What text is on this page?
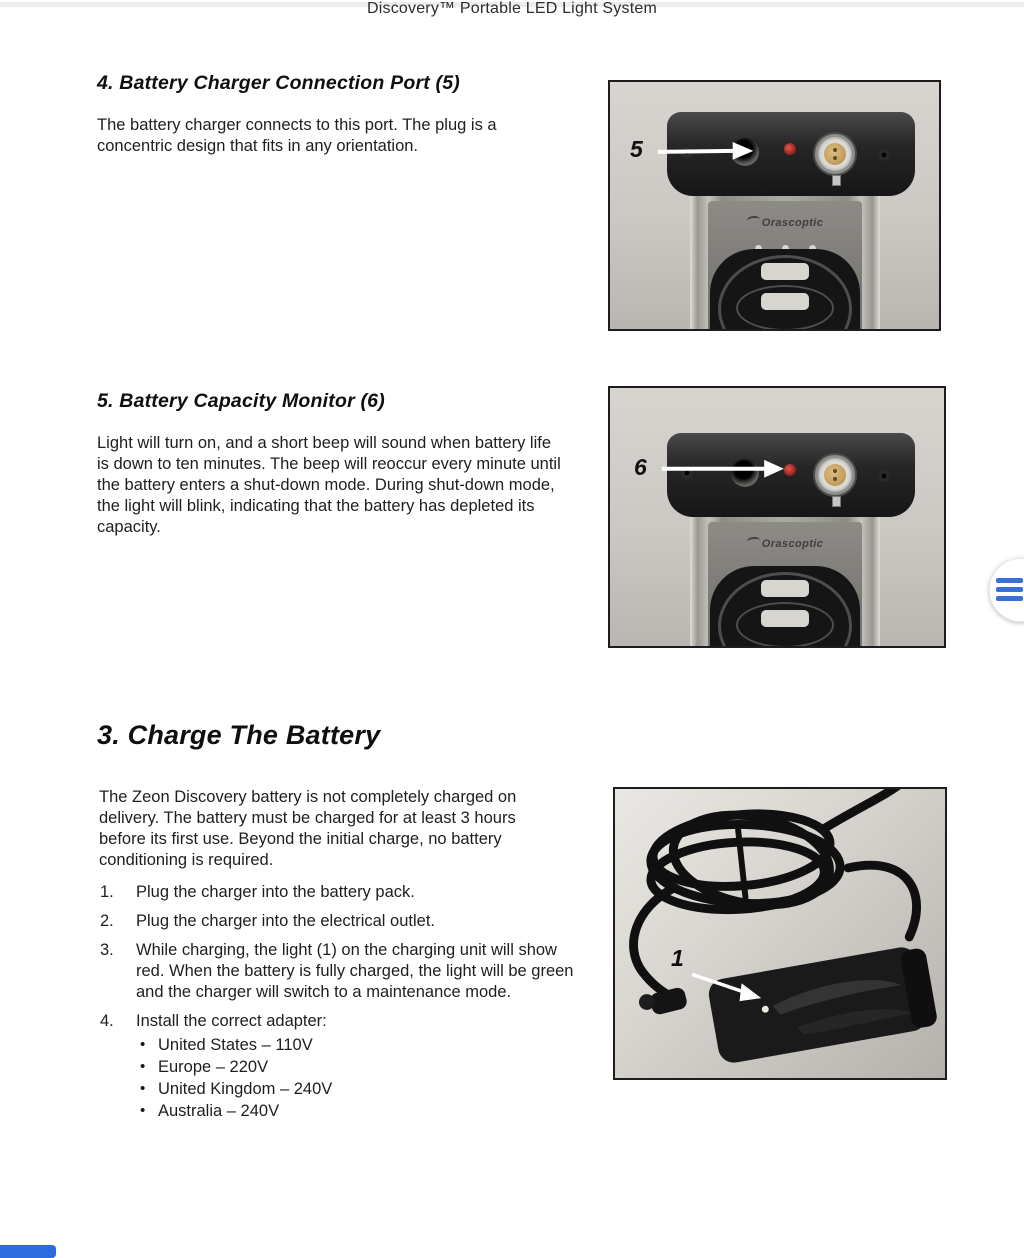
Discovery™ Portable LED Light System
4. Battery Charger Connection Port (5)

The battery charger connects to this port. The plug is a concentric design that fits in any orientation.

Orascoptic
5
5. Battery Capacity Monitor (6)

Light will turn on, and a short beep will sound when battery life is down to ten minutes. The beep will reoccur every minute until the battery enters a shut-down mode. During shut-down mode, the light will blink, indicating that the battery has depleted its capacity.

Orascoptic
6
3. Charge The Battery

The Zeon Discovery battery is not completely charged on delivery. The battery must be charged for at least 3 hours before its first use. Beyond the initial charge, no battery conditioning is required.

1.	Plug the charger into the battery pack.
2.	Plug the charger into the electrical outlet.
3.	While charging, the light (1) on the charging unit will show red. When the battery is fully charged, the light will be green and the charger will switch to a maintenance mode.
4.	Install the correct adapter:
• United States – 110V
• Europe – 220V
• United Kingdom – 240V
• Australia – 240V
1
